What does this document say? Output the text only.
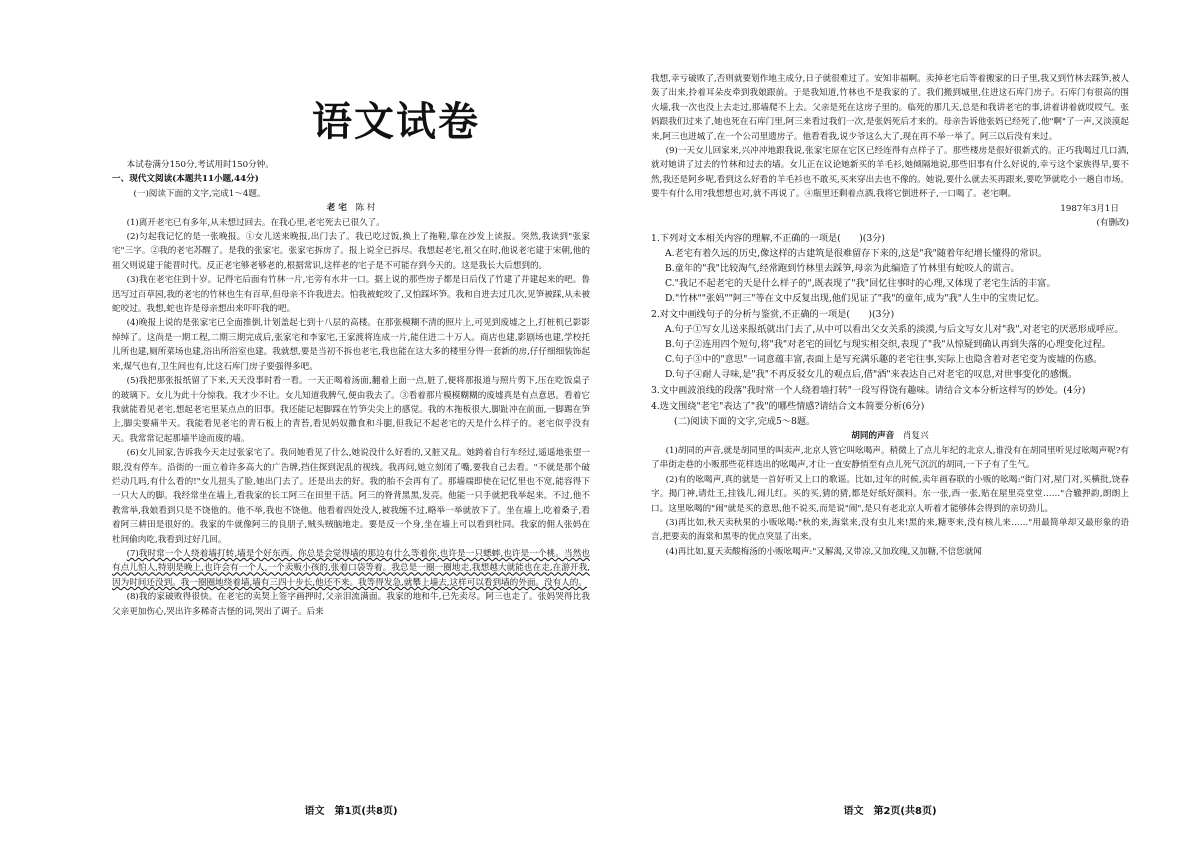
语文试卷

本试卷满分150分,考试用时150分钟。

一、现代文阅读(本题共11小题,44分)

(一)阅读下面的文字,完成1～4题。

老 宅　 陈 村

(1)离开老宅已有多年,从未想过回去。在我心里,老宅死去已很久了。

(2)匀起我记忆的是一张晚报。①女儿送来晚报,出门去了。我已吃过饭,换上了拖鞋,靠在沙发上读报。突然,我读到"张家宅"三字。②我的老宅苏醒了。是我的张家宅。张家宅拆房了。报上说全已拆尽。我想起老宅,祖父在时,他说老宅建于宋朝,他的祖父则说建于能晋时代。反正老宅够老够老的,根据常识,这样老的宅子是不可能存到今天的。这是我长大后想到的。

(3)我在老宅住到十岁。记得宅后面有竹林一片,宅旁有水井一口。据上说的那些房子都是日后伐了竹建了并建起来的吧。鲁迅写过百草园,我的老宅的竹林也生有百草,但母亲不许我进去。怕我被蛇咬了,又怕踩坏笋。我和自进去过几次,见笋被踩,从未被蛇咬过。我想,蛇也许是母亲想出来吓吓我的吧。

(4)晚报上说的是张家宅已全面推倒,计划盖起七到十八层的高楼。在那张模糊不清的照片上,可见到废墟之上,打桩机已影影绰绰了。这尚是一期工程,二期三期完成后,张家宅和李家宅,王家渡将连成一片,能住进二十万人。商店也建,影剧场也建,学校托儿所也建,厕所菜场也建,浴出所浴室也建。我就想,要是当初不拆也老宅,我也能在这大多的楼里分得一套新的房,仔仔细细装饰起来,煤气也有,卫生间也有,比这石库门房子要强得多吧。

(5)我把那张报纸留了下来,天天没事时看一看。一天正喝着汤面,翻着上面一点,脏了,便将那报道与照片剪下,压在吃饭桌子的玻璃下。女儿为此十分惊我。我才少不让。女儿知道我脾气,便由我去了。③看着那片模模糊糊的废墟真是有点意思。看着它我就能看见老宅,想起老宅里某点点的旧事。我还能记起脚踩在竹笋尖尖上的感觉。我的木拖板很大,脚趾冲在前面,一脚踢在笋上,脚尖要痛半天。我能看见老宅的青石板上的青苔,看见妈奴撒食和斗腿,但我记不起老宅的天是什么样子的。老宅似乎没有天。我常常记起那墙半途而废的墙。

(6)女儿回家,告诉我今天走过张家宅了。我问她看见了什么,她说没什么好看的,又脏又乱。她跨着自行车经过,遥遥地张望一眼,没有停车。沿街的一面立着许多高大的广告牌,挡住探到泥乱的视线。我再问,她立刻闭了嘴,要我自己去看。"不就是那个破烂动几吗,有什么看的!"女儿扭头了脸,她出门去了。还是出去的好。我的胎不会再有了。那墙端即使在记忆里也不宽,能容得下一只大人的脚。我经常坐在墙上,看我家的长工阿三在田里干活。阿三的脊背黑黑,发亮。他能一只手就把我举起来。不过,他不教常举,我娘看到只是不饶他的。他不举,我也不饶他。他看着四处没人,被我缠不过,略举一举就放下了。坐在墙上,吃着桑子,看着阿三耕田是很好的。我家的牛就像阿三的良朋子,贼头贼脑地走。要是反一个身,坐在墙上可以看到杜同。我家的佣人张妈在杜间偷肉吃,我看到过好几回。

(7)我时常一个人绕着墙打转,墙是个好东西。你总是会觉得墙的那边有什么等着你,也许是一只蟋蟀,也许是一个桃。当然也有点儿怕人,特别是晚上,也许会有一个人,一个卖贩小孩的,张着口袋等着。我总是一圈一圈地走,我想越大就能也在走,在游开我,因为时间还没到。我一圈圈地绕着墙,墙有三四十步长,他还不来。我等得发急,就攀上墙去,这样可以看到墙的外面。没有人的。

(8)我的家破败得很快。在老宅的卖契上签字画押时,父亲泪流满面。我家的地和牛,已先卖尽。阿三也走了。张妈哭得比我父亲更加伤心,哭出许多稀奇古怪的词,哭出了调子。后来

语文　第1页(共8页)

我想,幸亏破败了,否则就要划作地主成分,日子就很难过了。安知非福啊。卖掉老宅后等着搬家的日子里,我又到竹林去踩笋,被人轰了出来,拎着耳朵皮牵到我娘跟前。于是我知道,竹林也不是我家的了。我们搬到城里,住进这石库门房子。石库门有很高的围火墙,我一次也没上去走过,那墙爬不上去。父亲是死在这房子里的。临死的那几天,总是和我讲老宅的事,讲着讲着就哎哎气。张妈跟我们过来了,她也死在石库门里,阿三来看过我们一次,是张妈死后才来的。母亲告诉他张妈已经死了,他"啊"了一声,又淡漠起来,阿三也进城了,在一个公司里遗房子。他看看我,说少爷这么大了,现在再不举一举了。阿三以后没有来过。

(9)一天女儿回家来,兴冲冲地跟我说,张家宅原在它区已经连得有点样子了。那些楼房是很好很新式的。正巧我喝过几口酒,就对她讲了过去的竹林和过去的墙。女儿正在议论她新买的羊毛衫,她倾隔地说,那些旧事有什么好说的,幸亏这个家族得早,要不然,我还是阿乡呢,看到这么好看的羊毛衫也不敢买,买来穿出去也不像的。她说,要什么就去买再跟来,要吃笋就吃小一趟自市场。要牛有什么用?我想想也对,就不再说了。④瓶里还剩着点酒,我将它倒进杯子,一口喝了。老宅啊。

1987年3月1日

(有删改)

1.下列对文本相关内容的理解,不正确的一项是(　　)(3分)

A.老宅有着久远的历史,像这样的古建筑是很难留存下来的,这是"我"随着年纪增长懂得的常识。

B.童年的"我"比较淘气,经常跑到竹林里去踩笋,母亲为此编造了竹林里有蛇咬人的谎言。

C."我记不起老宅的天是什么样子的",既表现了"我"回忆往事时的心理,又体现了老宅生活的丰富。

D."竹林""张妈""阿三"等在文中反复出现,他们见证了"我"的童年,成为"我"人生中的宝贵记忆。

2.对文中画线句子的分析与鉴赏,不正确的一项是(　　)(3分)

A.句子①写女儿送来报纸就出门去了,从中可以看出父女关系的淡漠,与后文写女儿对"我",对老宅的厌恶形成呼应。

B.句子②连用四个短句,将"我"对老宅的回忆与现实相交织,表现了"我"从惊疑到确认再到失落的心理变化过程。

C.句子③中的"意思"一词意蕴丰富,表面上是写充满乐趣的老宅往事,实际上也隐含着对老宅变为废墟的伤感。

D.句子④耐人寻味,是"我"不再反驳女儿的观点后,借"酒"来表达自己对老宅的叹息,对世事变化的感慨。

3.文中画波浪线的段落"我时常一个人绕着墙打转"一段写得饶有趣味。请结合文本分析这样写的妙处。(4分)

4.选文围绕"老宅"表达了"我"的哪些情感?请结合文本简要分析(6分)

(二)阅读下面的文字,完成5～8题。

胡同的声音　 肖复兴

(1)胡同的声音,就是胡同里的叫卖声,北京人管它叫吆喝声。稍微上了点儿年纪的北京人,谁没有在胡同里听见过吆喝声呢?有了串街走巷的小贩那些花样迭出的吆喝声,才让一直安静悄至有点儿死气沉沉的胡同,一下子有了生气。

(2)有的吆喝声,真的就是一首好听又上口的歌谣。比如,过年的时候,卖年画春联的小贩的吆喝:"街门对,屋门对,买横批,饶春字。揭门神,请灶王,挂钱儿,闹儿红。买的买,猜的猜,都是好纸好颜料。东一张,西一张,贴在屋里亮堂堂……"合辙押韵,朗朗上口。这里吆喝的"闹"就是买的意思,他不说买,而是说"闹",是只有老北京人听着才能够体会得到的亲切劲儿。

(3)再比如,秋天卖秋果的小贩吆喝:"秋的来,海棠来,没有虫儿来!黑的来,糖枣来,没有核儿来……"用最简单却又最形象的语言,把要卖的海棠和黑枣的优点突显了出来。

(4)再比如,夏天卖酸梅汤的小贩吆喝声:"又解渴,又带凉,又加玫瑰,又加糖,不信您就闻

语文　第2页(共8页)
